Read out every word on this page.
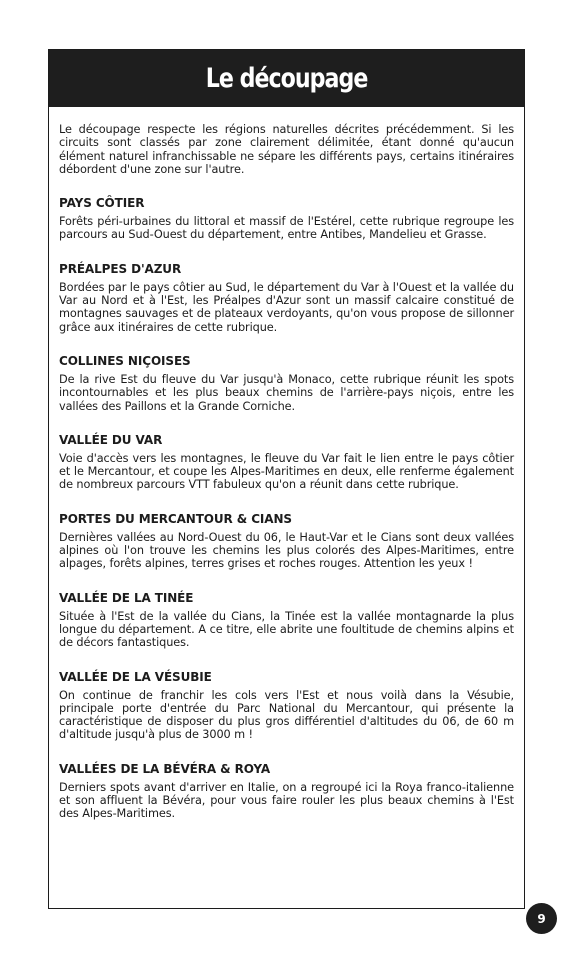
Le découpage

Le découpage respecte les régions naturelles décrites précédemment. Si les circuits sont classés par zone clairement délimitée, étant donné qu'aucun élément naturel infranchissable ne sépare les différents pays, certains itinéraires débordent d'une zone sur l'autre.

PAYS CÔTIER

Forêts péri-urbaines du littoral et massif de l'Estérel, cette rubrique regroupe les parcours au Sud-Ouest du département, entre Antibes, Mandelieu et Grasse.

PRÉALPES D'AZUR

Bordées par le pays côtier au Sud, le département du Var à l'Ouest et la vallée du Var au Nord et à l'Est, les Préalpes d'Azur sont un massif calcaire constitué de montagnes sauvages et de plateaux verdoyants, qu'on vous propose de sillonner grâce aux itinéraires de cette rubrique.

COLLINES NIÇOISES

De la rive Est du fleuve du Var jusqu'à Monaco, cette rubrique réunit les spots incontournables et les plus beaux chemins de l'arrière-pays niçois, entre les vallées des Paillons et la Grande Corniche.

VALLÉE DU VAR

Voie d'accès vers les montagnes, le fleuve du Var fait le lien entre le pays côtier et le Mercantour, et coupe les Alpes-Maritimes en deux, elle renferme également de nombreux parcours VTT fabuleux qu'on a réunit dans cette rubrique.

PORTES DU MERCANTOUR & CIANS

Dernières vallées au Nord-Ouest du 06, le Haut-Var et le Cians sont deux vallées alpines où l'on trouve les chemins les plus colorés des Alpes-Maritimes, entre alpages, forêts alpines, terres grises et roches rouges. Attention les yeux !

VALLÉE DE LA TINÉE

Située à l'Est de la vallée du Cians, la Tinée est la vallée montagnarde la plus longue du département. A ce titre, elle abrite une foultitude de chemins alpins et de décors fantastiques.

VALLÉE DE LA VÉSUBIE

On continue de franchir les cols vers l'Est et nous voilà dans la Vésubie, principale porte d'entrée du Parc National du Mercantour, qui présente la caractéristique de disposer du plus gros différentiel d'altitudes du 06, de 60 m d'altitude jusqu'à plus de 3000 m !

VALLÉES DE LA BÉVÉRA & ROYA

Derniers spots avant d'arriver en Italie, on a regroupé ici la Roya franco-italienne et son affluent la Bévéra, pour vous faire rouler les plus beaux chemins à l'Est des Alpes-Maritimes.

9
